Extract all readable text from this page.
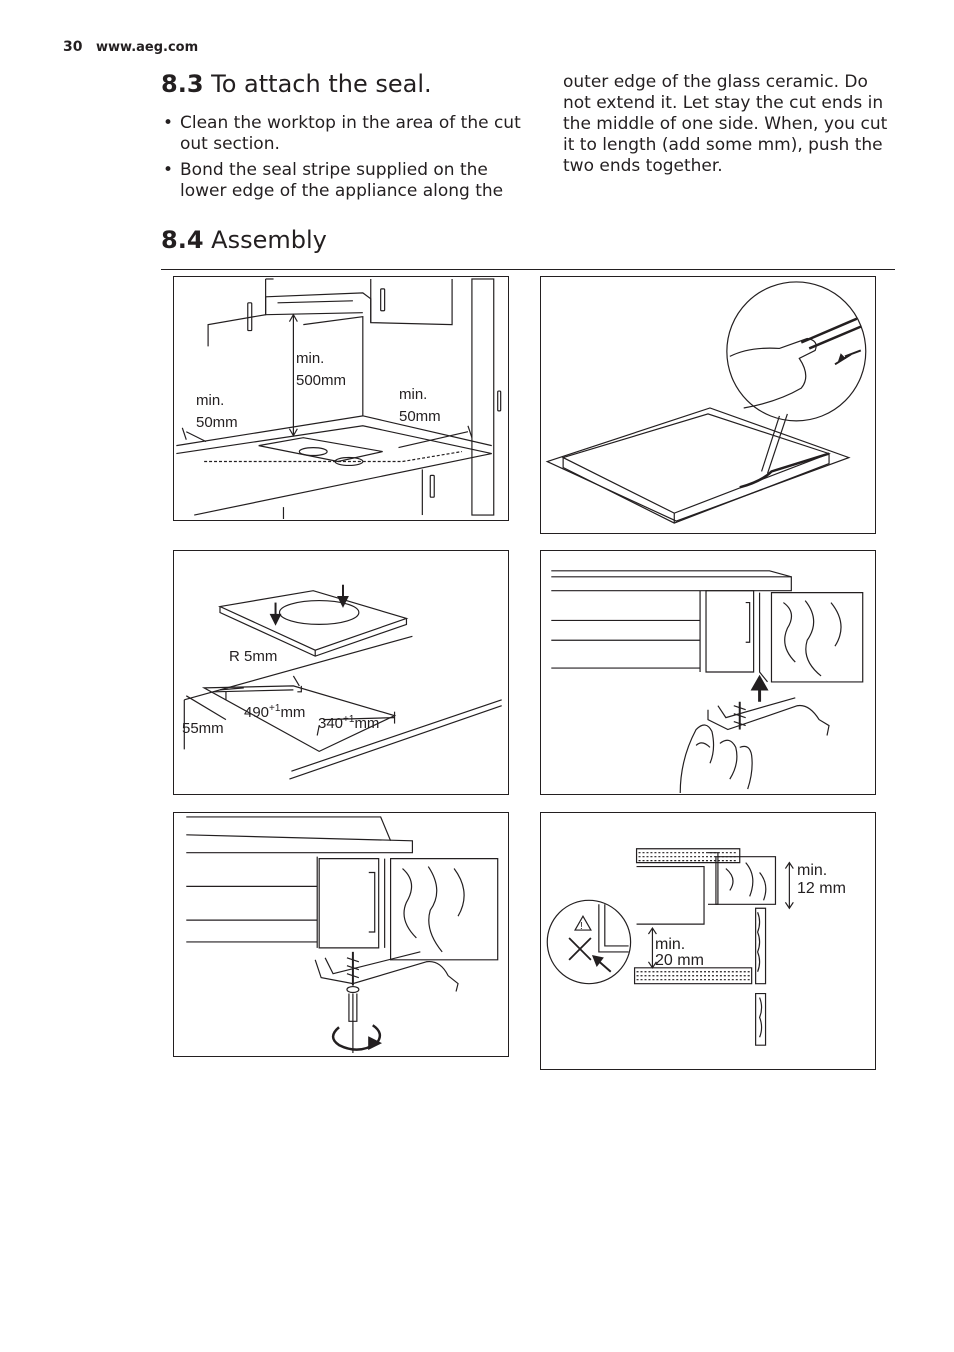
30 www.aeg.com
8.3 To attach the seal.
• Clean the worktop in the area of the cut out section.
• Bond the seal stripe supplied on the lower edge of the appliance along the

outer edge of the glass ceramic. Do not extend it. Let stay the cut ends in the middle of one side. When, you cut it to length (add some mm), push the two ends together.

8.4 Assembly
min.
500mm
min.
50mm
min.
50mm
R 5mm
$490^{+1}mm$
$340^{+1}mm$
55mm
!
min.
12 mm
min.
20 mm
